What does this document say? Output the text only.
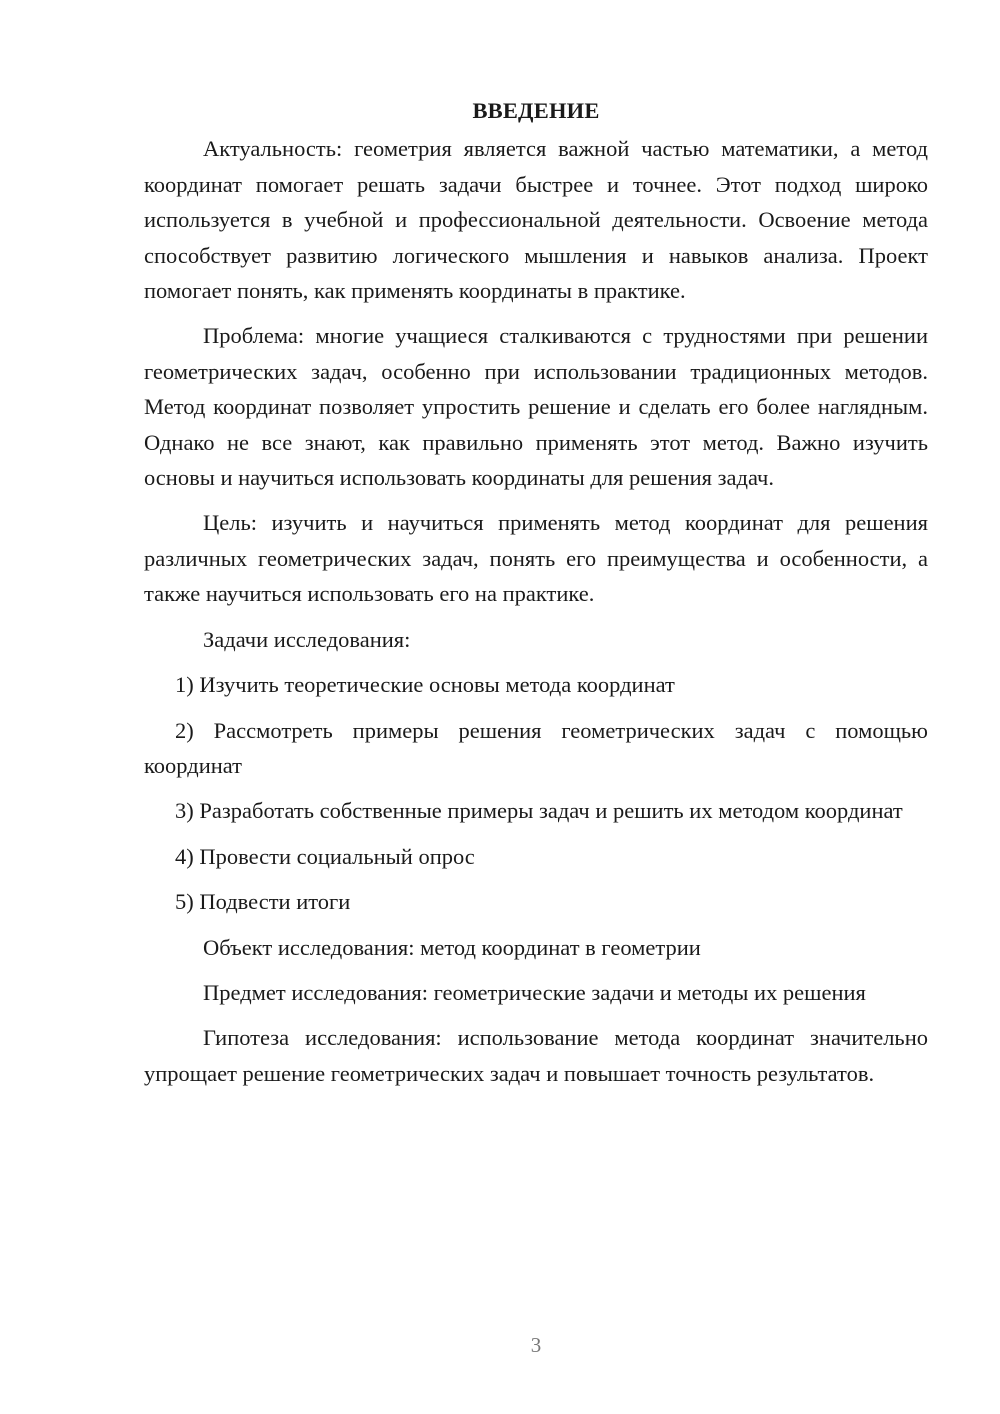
ВВЕДЕНИЕ

Актуальность: геометрия является важной частью математики, а метод координат помогает решать задачи быстрее и точнее. Этот подход широко используется в учебной и профессиональной деятельности. Освоение метода способствует развитию логического мышления и навыков анализа. Проект помогает понять, как применять координаты в практике.

Проблема: многие учащиеся сталкиваются с трудностями при решении геометрических задач, особенно при использовании традиционных методов. Метод координат позволяет упростить решение и сделать его более наглядным. Однако не все знают, как правильно применять этот метод. Важно изучить основы и научиться использовать координаты для решения задач.

Цель: изучить и научиться применять метод координат для решения различных геометрических задач, понять его преимущества и особенности, а также научиться использовать его на практике.

Задачи исследования:

1) Изучить теоретические основы метода координат

2) Рассмотреть примеры решения геометрических задач с помощью координат

3) Разработать собственные примеры задач и решить их методом координат

4) Провести социальный опрос

5) Подвести итоги

Объект исследования: метод координат в геометрии

Предмет исследования: геометрические задачи и методы их решения

Гипотеза исследования: использование метода координат значительно упрощает решение геометрических задач и повышает точность результатов.

3
